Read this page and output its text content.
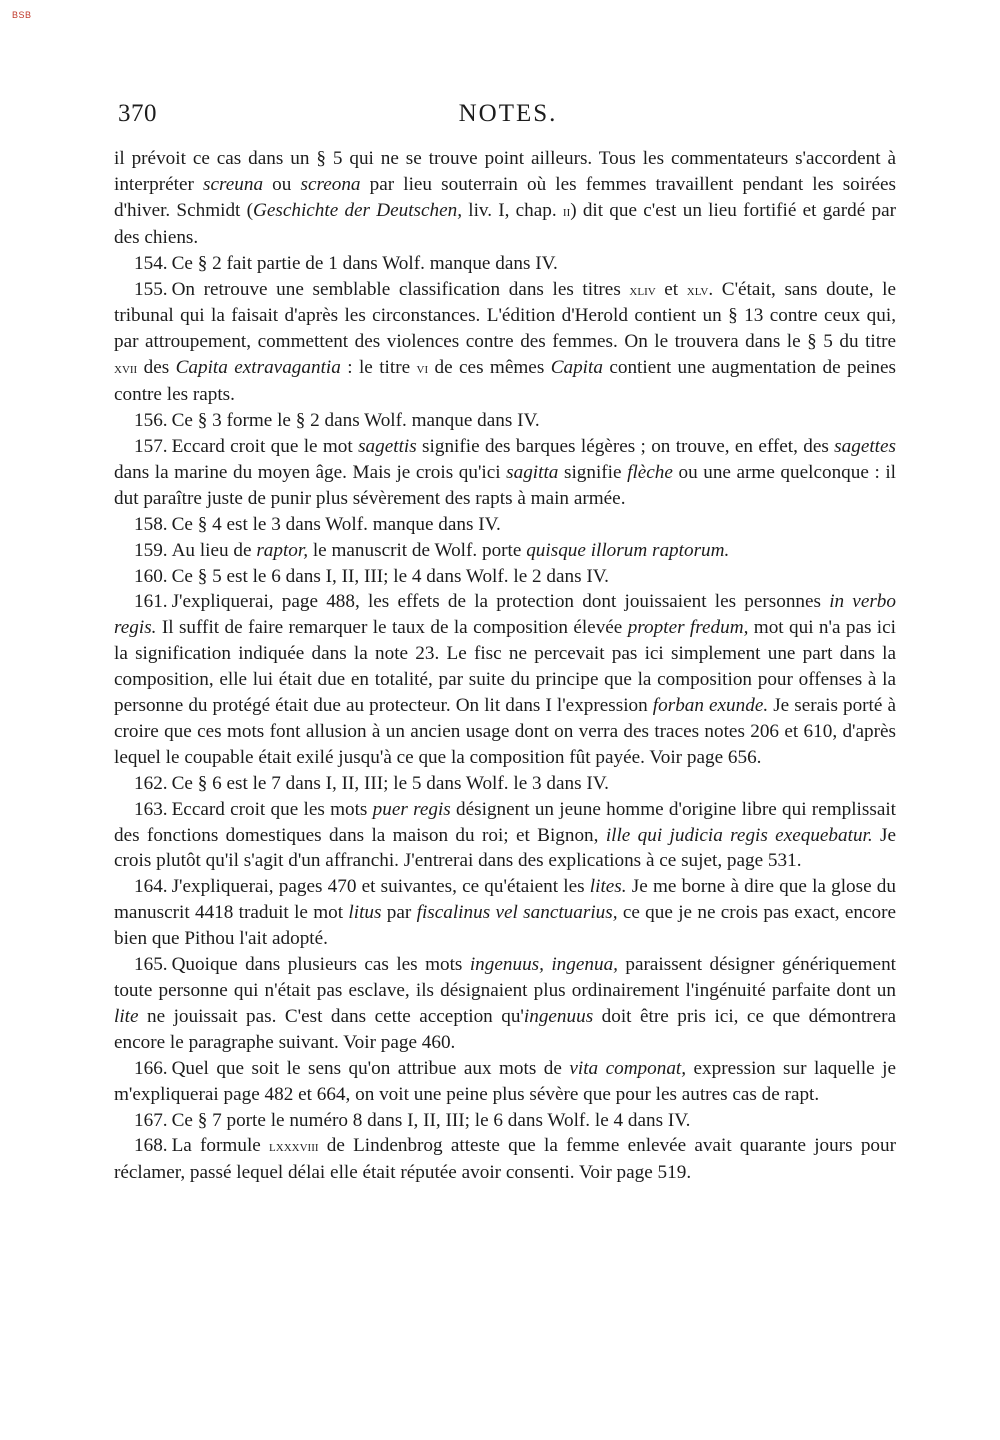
BSB
370	NOTES.

il prévoit ce cas dans un § 5 qui ne se trouve point ailleurs. Tous les commentateurs s'accordent à interpréter screuna ou screona par lieu souterrain où les femmes travaillent pendant les soirées d'hiver. Schmidt (Geschichte der Deutschen, liv. I, chap. ii) dit que c'est un lieu fortifié et gardé par des chiens.

154. Ce § 2 fait partie de 1 dans Wolf. manque dans IV.

155. On retrouve une semblable classification dans les titres xliv et xlv. C'était, sans doute, le tribunal qui la faisait d'après les circonstances. L'édition d'Herold contient un § 13 contre ceux qui, par attroupement, commettent des violences contre des femmes. On le trouvera dans le § 5 du titre xvii des Capita extravagantia : le titre vi de ces mêmes Capita contient une augmentation de peines contre les rapts.

156. Ce § 3 forme le § 2 dans Wolf. manque dans IV.

157. Eccard croit que le mot sagettis signifie des barques légères ; on trouve, en effet, des sagettes dans la marine du moyen âge. Mais je crois qu'ici sagitta signifie flèche ou une arme quelconque : il dut paraître juste de punir plus sévèrement des rapts à main armée.

158. Ce § 4 est le 3 dans Wolf. manque dans IV.

159. Au lieu de raptor, le manuscrit de Wolf. porte quisque illorum raptorum.

160. Ce § 5 est le 6 dans I, II, III; le 4 dans Wolf. le 2 dans IV.

161. J'expliquerai, page 488, les effets de la protection dont jouissaient les personnes in verbo regis. Il suffit de faire remarquer le taux de la composition élevée propter fredum, mot qui n'a pas ici la signification indiquée dans la note 23. Le fisc ne percevait pas ici simplement une part dans la composition, elle lui était due en totalité, par suite du principe que la composition pour offenses à la personne du protégé était due au protecteur. On lit dans I l'expression forban exunde. Je serais porté à croire que ces mots font allusion à un ancien usage dont on verra des traces notes 206 et 610, d'après lequel le coupable était exilé jusqu'à ce que la composition fût payée. Voir page 656.

162. Ce § 6 est le 7 dans I, II, III; le 5 dans Wolf. le 3 dans IV.

163. Eccard croit que les mots puer regis désignent un jeune homme d'origine libre qui remplissait des fonctions domestiques dans la maison du roi; et Bignon, ille qui judicia regis exequebatur. Je crois plutôt qu'il s'agit d'un affranchi. J'entrerai dans des explications à ce sujet, page 531.

164. J'expliquerai, pages 470 et suivantes, ce qu'étaient les lites. Je me borne à dire que la glose du manuscrit 4418 traduit le mot litus par fiscalinus vel sanctuarius, ce que je ne crois pas exact, encore bien que Pithou l'ait adopté.

165. Quoique dans plusieurs cas les mots ingenuus, ingenua, paraissent désigner génériquement toute personne qui n'était pas esclave, ils désignaient plus ordinairement l'ingénuité parfaite dont un lite ne jouissait pas. C'est dans cette acception qu'ingenuus doit être pris ici, ce que démontrera encore le paragraphe suivant. Voir page 460.

166. Quel que soit le sens qu'on attribue aux mots de vita componat, expression sur laquelle je m'expliquerai page 482 et 664, on voit une peine plus sévère que pour les autres cas de rapt.

167. Ce § 7 porte le numéro 8 dans I, II, III; le 6 dans Wolf. le 4 dans IV.

168. La formule lxxxviii de Lindenbrog atteste que la femme enlevée avait quarante jours pour réclamer, passé lequel délai elle était réputée avoir consenti. Voir page 519.
